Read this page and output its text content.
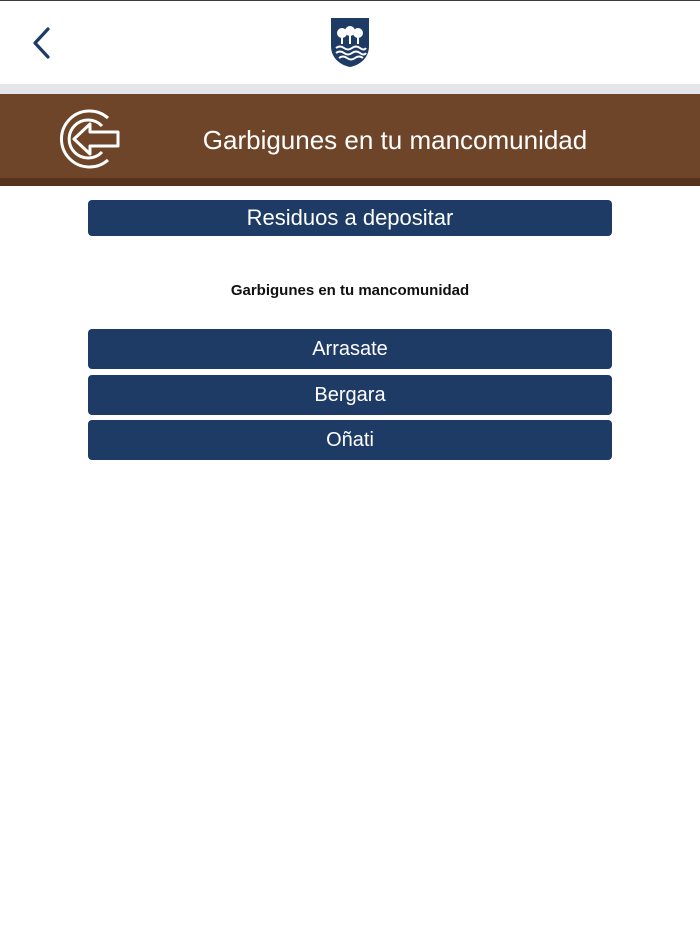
Garbigunes en tu mancomunidad
Residuos a depositar
Garbigunes en tu mancomunidad
Arrasate
Bergara
Oñati
